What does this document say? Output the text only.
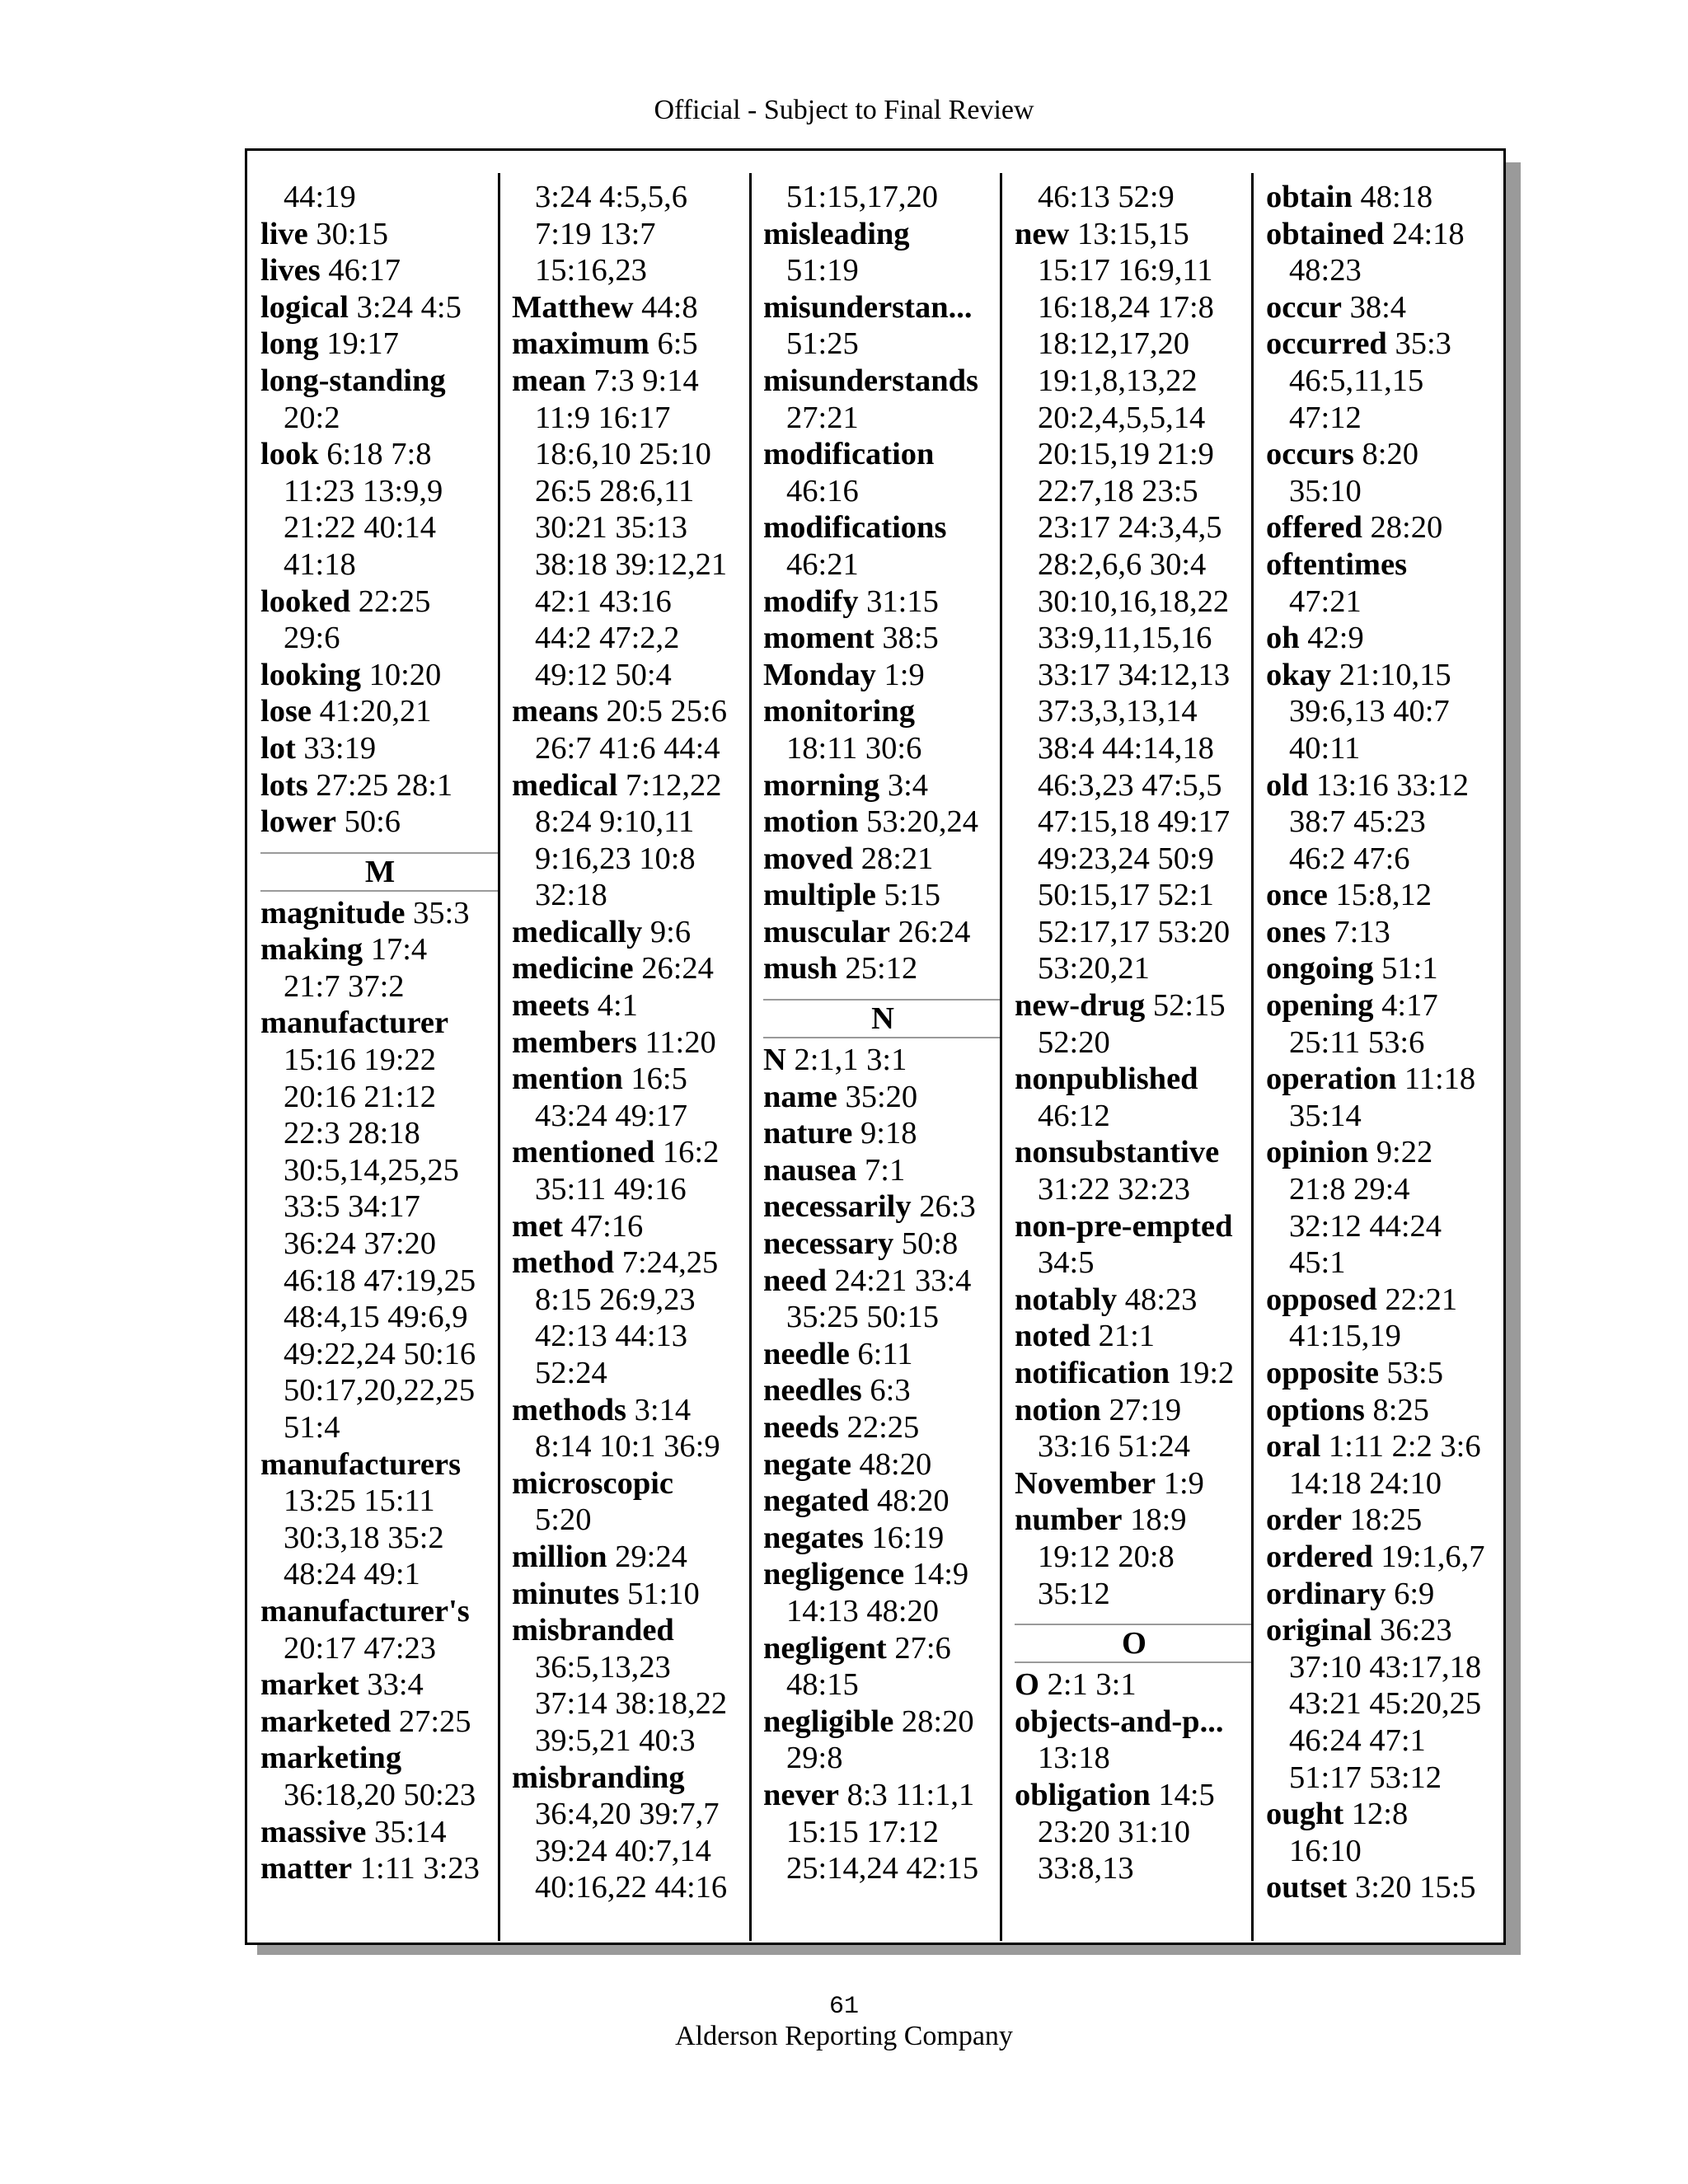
Official - Subject to Final Review
44:19
live 30:15
lives 46:17
logical 3:24 4:5
long 19:17
long-standing
20:2
look 6:18 7:8
11:23 13:9,9
21:22 40:14
41:18
looked 22:25
29:6
looking 10:20
lose 41:20,21
lot 33:19
lots 27:25 28:1
lower 50:6
M
magnitude 35:3
making 17:4
21:7 37:2
manufacturer
15:16 19:22
20:16 21:12
22:3 28:18
30:5,14,25,25
33:5 34:17
36:24 37:20
46:18 47:19,25
48:4,15 49:6,9
49:22,24 50:16
50:17,20,22,25
51:4
manufacturers
13:25 15:11
30:3,18 35:2
48:24 49:1
manufacturer's
20:17 47:23
market 33:4
marketed 27:25
marketing
36:18,20 50:23
massive 35:14
matter 1:11 3:23
3:24 4:5,5,6
7:19 13:7
15:16,23
Matthew 44:8
maximum 6:5
mean 7:3 9:14
11:9 16:17
18:6,10 25:10
26:5 28:6,11
30:21 35:13
38:18 39:12,21
42:1 43:16
44:2 47:2,2
49:12 50:4
means 20:5 25:6
26:7 41:6 44:4
medical 7:12,22
8:24 9:10,11
9:16,23 10:8
32:18
medically 9:6
medicine 26:24
meets 4:1
members 11:20
mention 16:5
43:24 49:17
mentioned 16:2
35:11 49:16
met 47:16
method 7:24,25
8:15 26:9,23
42:13 44:13
52:24
methods 3:14
8:14 10:1 36:9
microscopic
5:20
million 29:24
minutes 51:10
misbranded
36:5,13,23
37:14 38:18,22
39:5,21 40:3
misbranding
36:4,20 39:7,7
39:24 40:7,14
40:16,22 44:16
51:15,17,20
misleading
51:19
misunderstan...
51:25
misunderstands
27:21
modification
46:16
modifications
46:21
modify 31:15
moment 38:5
Monday 1:9
monitoring
18:11 30:6
morning 3:4
motion 53:20,24
moved 28:21
multiple 5:15
muscular 26:24
mush 25:12
N
N 2:1,1 3:1
name 35:20
nature 9:18
nausea 7:1
necessarily 26:3
necessary 50:8
need 24:21 33:4
35:25 50:15
needle 6:11
needles 6:3
needs 22:25
negate 48:20
negated 48:20
negates 16:19
negligence 14:9
14:13 48:20
negligent 27:6
48:15
negligible 28:20
29:8
never 8:3 11:1,1
15:15 17:12
25:14,24 42:15
46:13 52:9
new 13:15,15
15:17 16:9,11
16:18,24 17:8
18:12,17,20
19:1,8,13,22
20:2,4,5,5,14
20:15,19 21:9
22:7,18 23:5
23:17 24:3,4,5
28:2,6,6 30:4
30:10,16,18,22
33:9,11,15,16
33:17 34:12,13
37:3,3,13,14
38:4 44:14,18
46:3,23 47:5,5
47:15,18 49:17
49:23,24 50:9
50:15,17 52:1
52:17,17 53:20
53:20,21
new-drug 52:15
52:20
nonpublished
46:12
nonsubstantive
31:22 32:23
non-pre-empted
34:5
notably 48:23
noted 21:1
notification 19:2
notion 27:19
33:16 51:24
November 1:9
number 18:9
19:12 20:8
35:12
O
O 2:1 3:1
objects-and-p...
13:18
obligation 14:5
23:20 31:10
33:8,13
obtain 48:18
obtained 24:18
48:23
occur 38:4
occurred 35:3
46:5,11,15
47:12
occurs 8:20
35:10
offered 28:20
oftentimes
47:21
oh 42:9
okay 21:10,15
39:6,13 40:7
40:11
old 13:16 33:12
38:7 45:23
46:2 47:6
once 15:8,12
ones 7:13
ongoing 51:1
opening 4:17
25:11 53:6
operation 11:18
35:14
opinion 9:22
21:8 29:4
32:12 44:24
45:1
opposed 22:21
41:15,19
opposite 53:5
options 8:25
oral 1:11 2:2 3:6
14:18 24:10
order 18:25
ordered 19:1,6,7
ordinary 6:9
original 36:23
37:10 43:17,18
43:21 45:20,25
46:24 47:1
51:17 53:12
ought 12:8
16:10
outset 3:20 15:5
61
Alderson Reporting Company
